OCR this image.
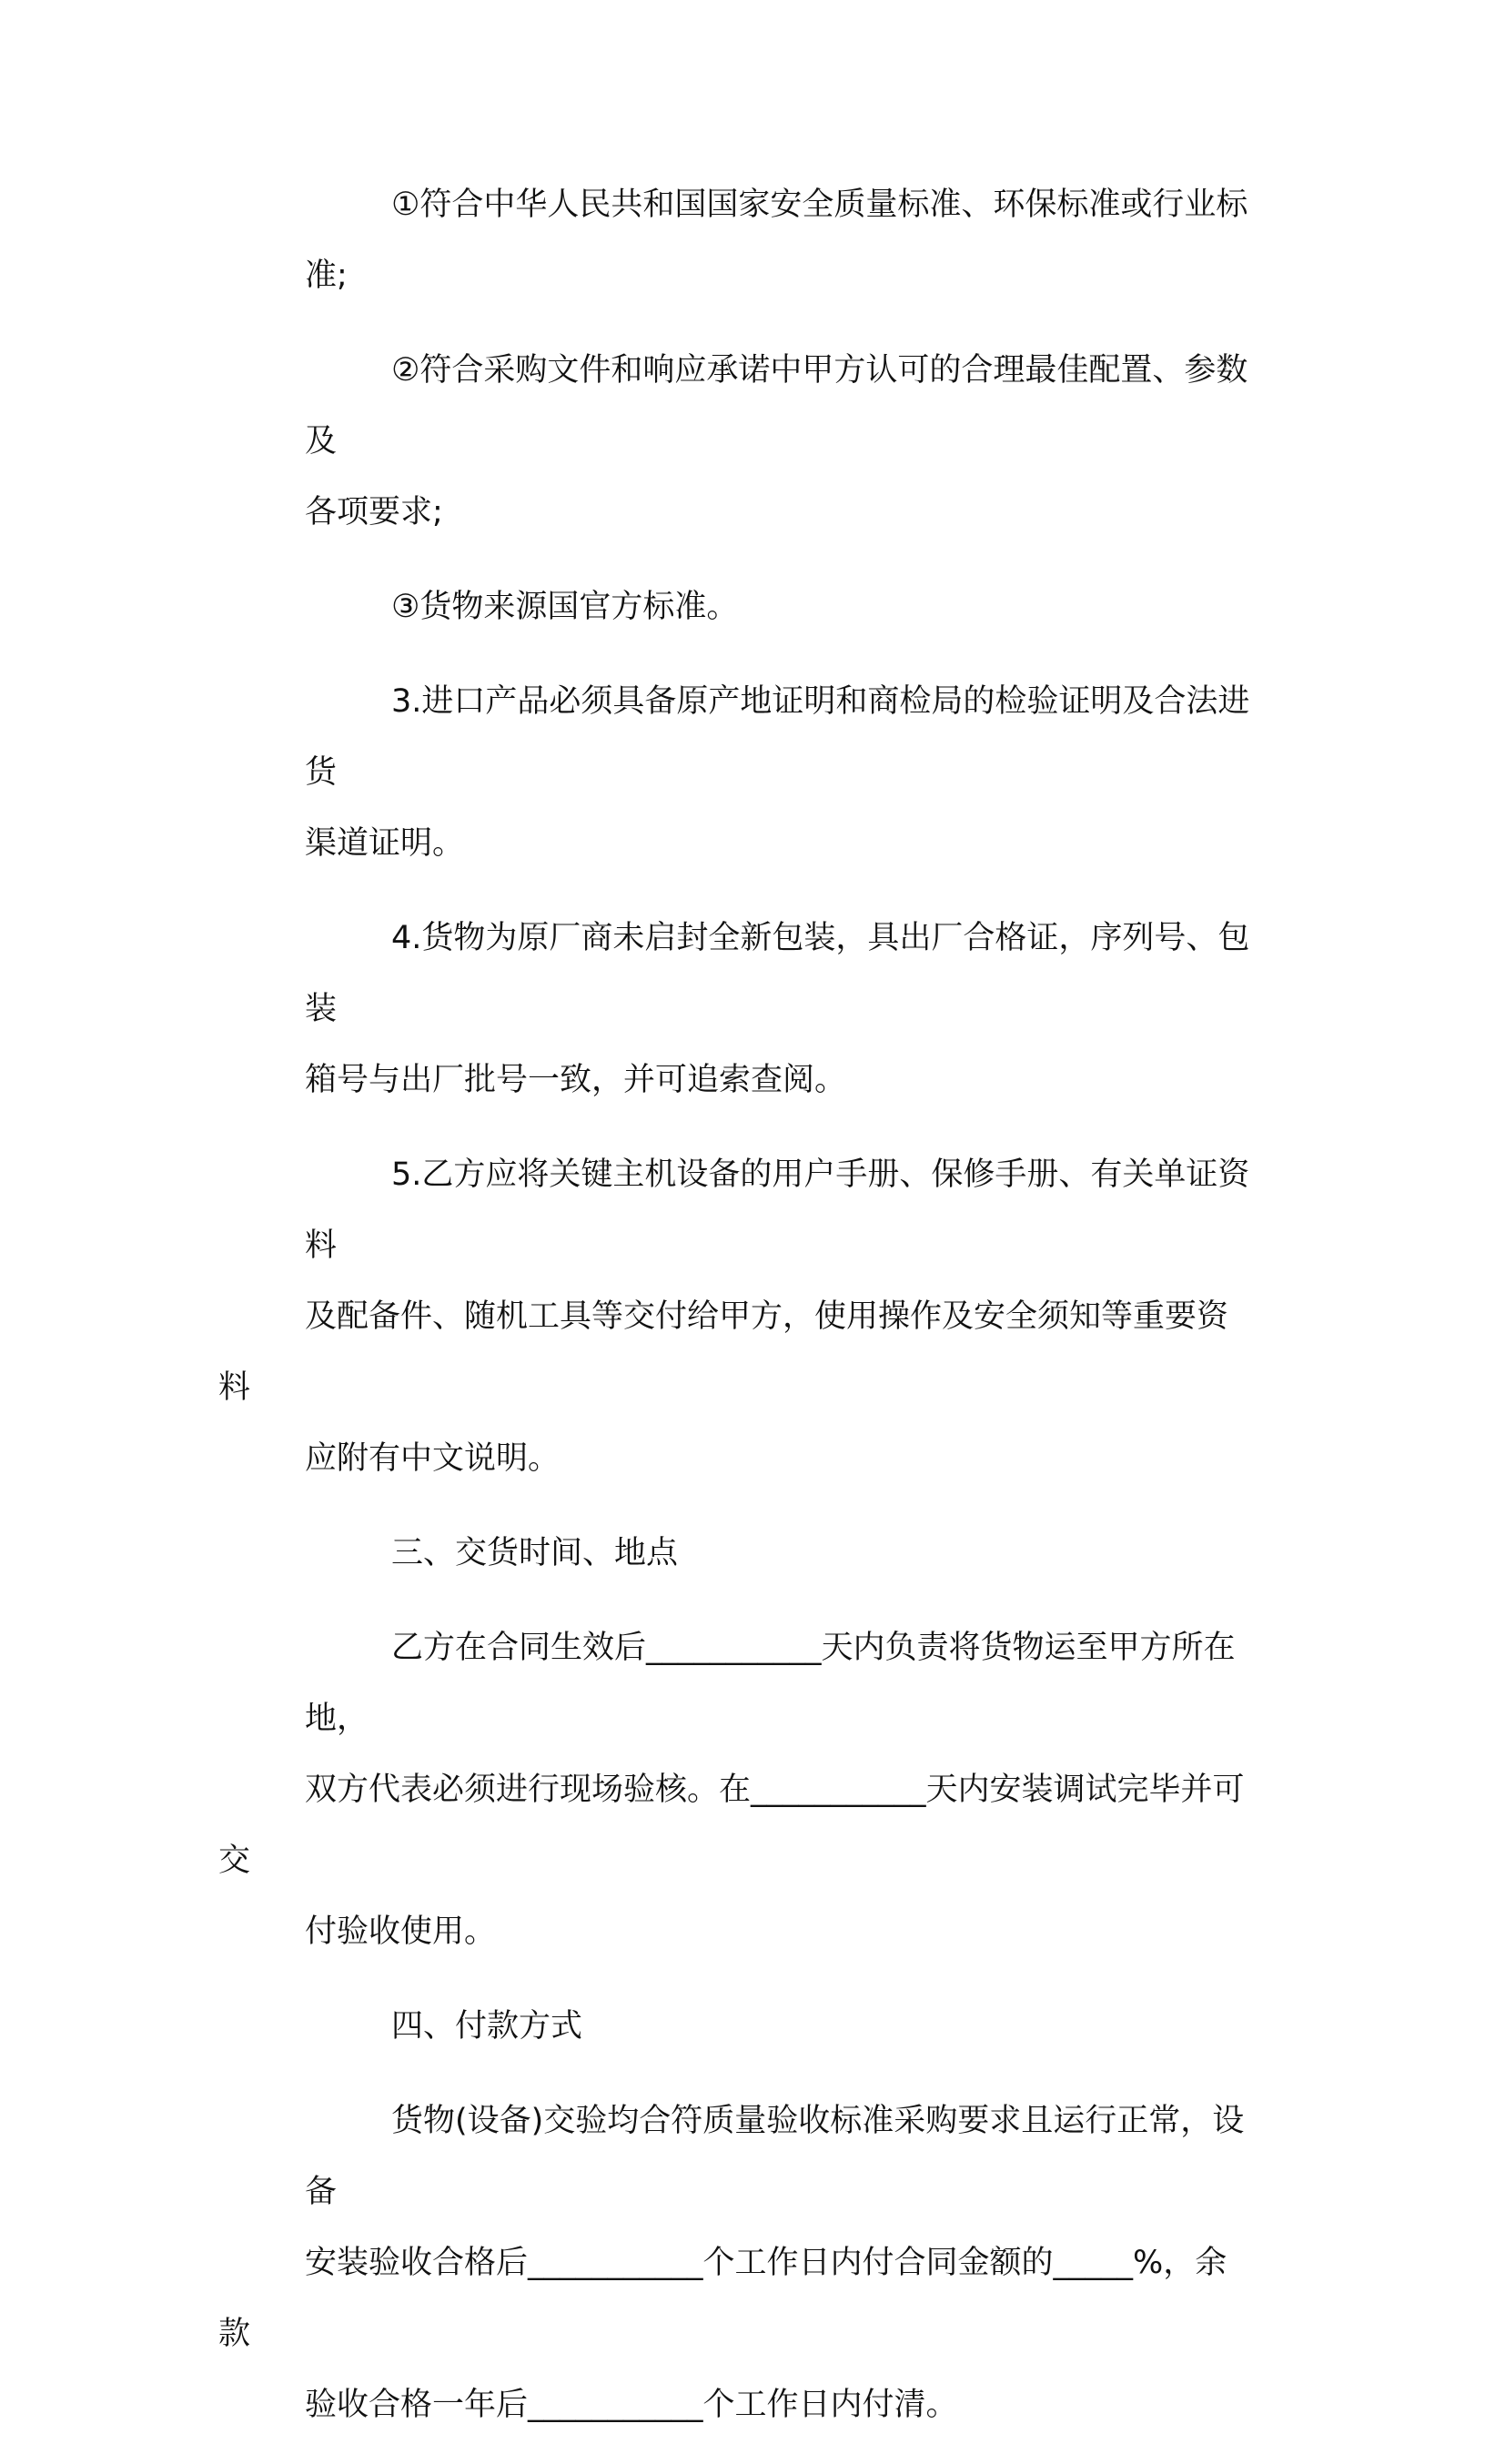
①符合中华人民共和国国家安全质量标准、环保标准或行业标准;
②符合采购文件和响应承诺中甲方认可的合理最佳配置、参数及
各项要求;
③货物来源国官方标准。
3.进口产品必须具备原产地证明和商检局的检验证明及合法进货
渠道证明。
4.货物为原厂商未启封全新包装，具出厂合格证，序列号、包装
箱号与出厂批号一致，并可追索查阅。
5.乙方应将关键主机设备的用户手册、保修手册、有关单证资料
及配备件、随机工具等交付给甲方，使用操作及安全须知等重要资料
应附有中文说明。
三、交货时间、地点
乙方在合同生效后___________天内负责将货物运至甲方所在地，
双方代表必须进行现场验核。在___________天内安装调试完毕并可交
付验收使用。
四、付款方式
货物(设备)交验均合符质量验收标准采购要求且运行正常，设备
安装验收合格后___________个工作日内付合同金额的_____%，余款
验收合格一年后___________个工作日内付清。
